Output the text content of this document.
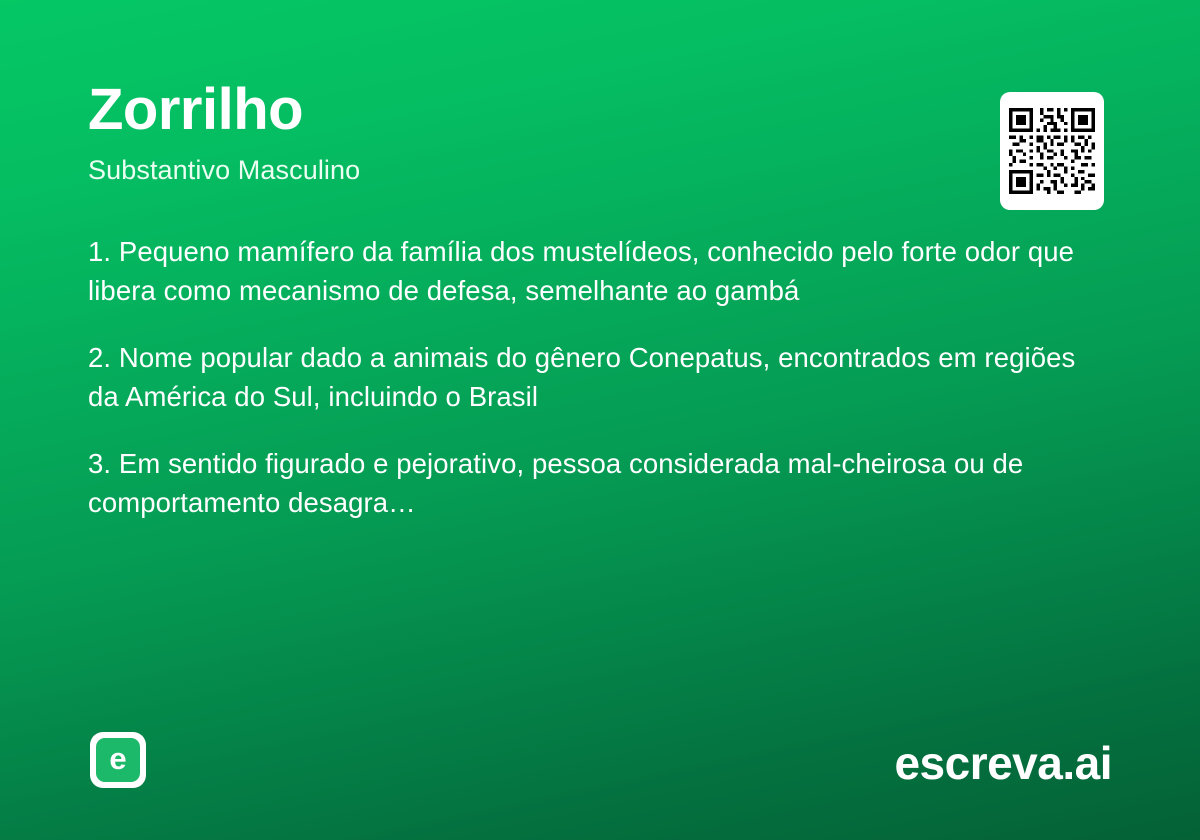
Zorrilho
Substantivo Masculino

1. Pequeno mamífero da família dos mustelídeos, conhecido pelo forte odor que libera como mecanismo de defesa, semelhante ao gambá

2. Nome popular dado a animais do gênero Conepatus, encontrados em regiões da América do Sul, incluindo o Brasil

3. Em sentido figurado e pejorativo, pessoa considerada mal-cheirosa ou de comportamento desagra…

e	escreva.ai
